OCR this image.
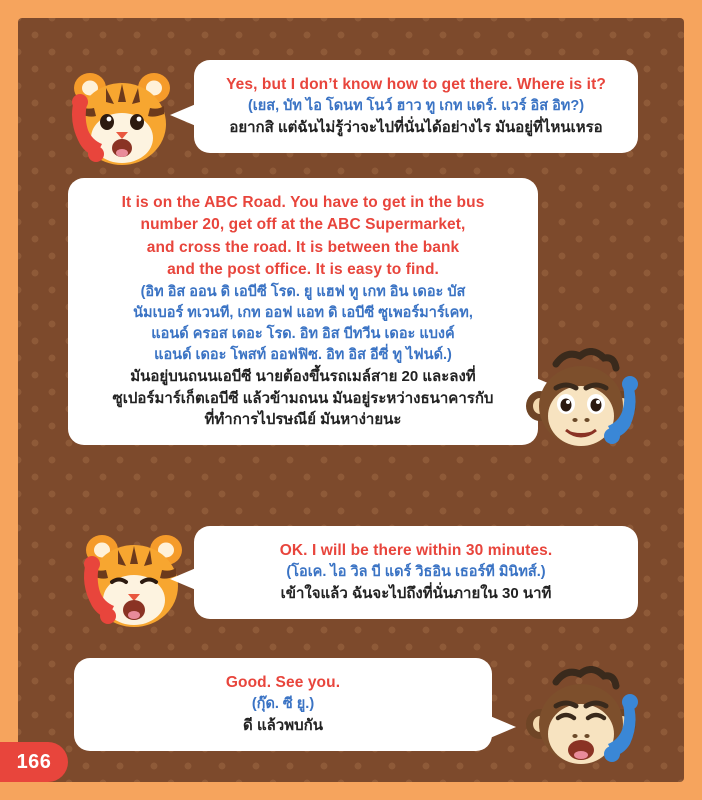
Yes, but I don’t know how to get there. Where is it?
(เยส, บัท ไอ โดนท โนว์ ฮาว ทู เกท แดร์. แวร์ อิส อิท?)
อยากสิ แต่ฉันไม่รู้ว่าจะไปที่นั่นได้อย่างไร มันอยู่ที่ไหนเหรอ
It is on the ABC Road. You have to get in the bus
number 20, get off at the ABC Supermarket,
and cross the road. It is between the bank
and the post office. It is easy to find.
(อิท อิส ออน ดิ เอบีซี โรด. ยู แฮฟ ทู เกท อิน เดอะ บัส
นัมเบอร์ ทเวนที, เกท ออฟ แอท ดิ เอบีซี ซูเพอร์มาร์เคท,
แอนด์ ครอส เดอะ โรด. อิท อิส บีทวีน เดอะ แบงค์
แอนด์ เดอะ โพสท์ ออฟฟิซ. อิท อิส อีซี่ ทู ไฟนด์.)
มันอยู่บนถนนเอบีซี นายต้องขึ้นรถเมล์สาย 20 และลงที่
ซูเปอร์มาร์เก็ตเอบีซี แล้วข้ามถนน มันอยู่ระหว่างธนาคารกับ
ที่ทำการไปรษณีย์ มันหาง่ายนะ
OK. I will be there within 30 minutes.
(โอเค. ไอ วิล บี แดร์ วิธอิน เธอร์ที มินิทส์.)
เข้าใจแล้ว ฉันจะไปถึงที่นั่นภายใน 30 นาที
Good. See you.
(กุ๊ด. ซี ยู.)
ดี แล้วพบกัน
166
